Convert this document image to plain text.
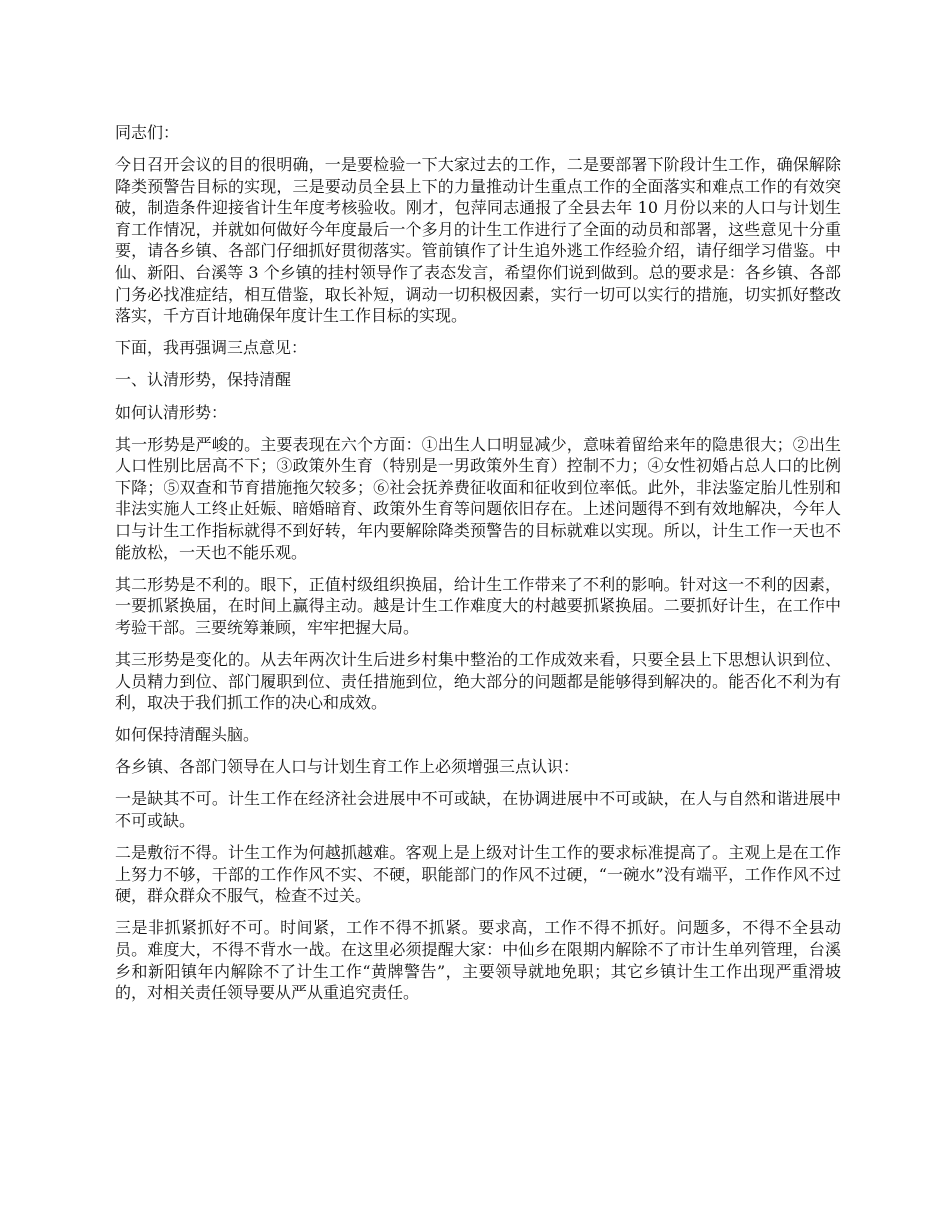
同志们：

今日召开会议的目的很明确，一是要检验一下大家过去的工作，二是要部署下阶段计生工作，确保解除降类预警告目标的实现，三是要动员全县上下的力量推动计生重点工作的全面落实和难点工作的有效突破，制造条件迎接省计生年度考核验收。刚才，包萍同志通报了全县去年 10 月份以来的人口与计划生育工作情况，并就如何做好今年度最后一个多月的计生工作进行了全面的动员和部署，这些意见十分重要，请各乡镇、各部门仔细抓好贯彻落实。管前镇作了计生追外逃工作经验介绍，请仔细学习借鉴。中仙、新阳、台溪等 3 个乡镇的挂村领导作了表态发言，希望你们说到做到。总的要求是：各乡镇、各部门务必找准症结，相互借鉴，取长补短，调动一切积极因素，实行一切可以实行的措施，切实抓好整改落实，千方百计地确保年度计生工作目标的实现。

下面，我再强调三点意见：

一、认清形势，保持清醒

如何认清形势：

其一形势是严峻的。主要表现在六个方面：①出生人口明显减少，意味着留给来年的隐患很大；②出生人口性别比居高不下；③政策外生育（特别是一男政策外生育）控制不力；④女性初婚占总人口的比例下降；⑤双查和节育措施拖欠较多；⑥社会抚养费征收面和征收到位率低。此外，非法鉴定胎儿性别和非法实施人工终止妊娠、暗婚暗育、政策外生育等问题依旧存在。上述问题得不到有效地解决，今年人口与计生工作指标就得不到好转，年内要解除降类预警告的目标就难以实现。所以，计生工作一天也不能放松，一天也不能乐观。

其二形势是不利的。眼下，正值村级组织换届，给计生工作带来了不利的影响。针对这一不利的因素，一要抓紧换届，在时间上赢得主动。越是计生工作难度大的村越要抓紧换届。二要抓好计生，在工作中考验干部。三要统筹兼顾，牢牢把握大局。

其三形势是变化的。从去年两次计生后进乡村集中整治的工作成效来看，只要全县上下思想认识到位、人员精力到位、部门履职到位、责任措施到位，绝大部分的问题都是能够得到解决的。能否化不利为有利，取决于我们抓工作的决心和成效。

如何保持清醒头脑。

各乡镇、各部门领导在人口与计划生育工作上必须增强三点认识：

一是缺其不可。计生工作在经济社会进展中不可或缺，在协调进展中不可或缺，在人与自然和谐进展中不可或缺。

二是敷衍不得。计生工作为何越抓越难。客观上是上级对计生工作的要求标准提高了。主观上是在工作上努力不够，干部的工作作风不实、不硬，职能部门的作风不过硬，“一碗水”没有端平，工作作风不过硬，群众群众不服气，检查不过关。

三是非抓紧抓好不可。时间紧，工作不得不抓紧。要求高，工作不得不抓好。问题多，不得不全县动员。难度大，不得不背水一战。在这里必须提醒大家：中仙乡在限期内解除不了市计生单列管理，台溪乡和新阳镇年内解除不了计生工作“黄牌警告”，主要领导就地免职；其它乡镇计生工作出现严重滑坡的，对相关责任领导要从严从重追究责任。
